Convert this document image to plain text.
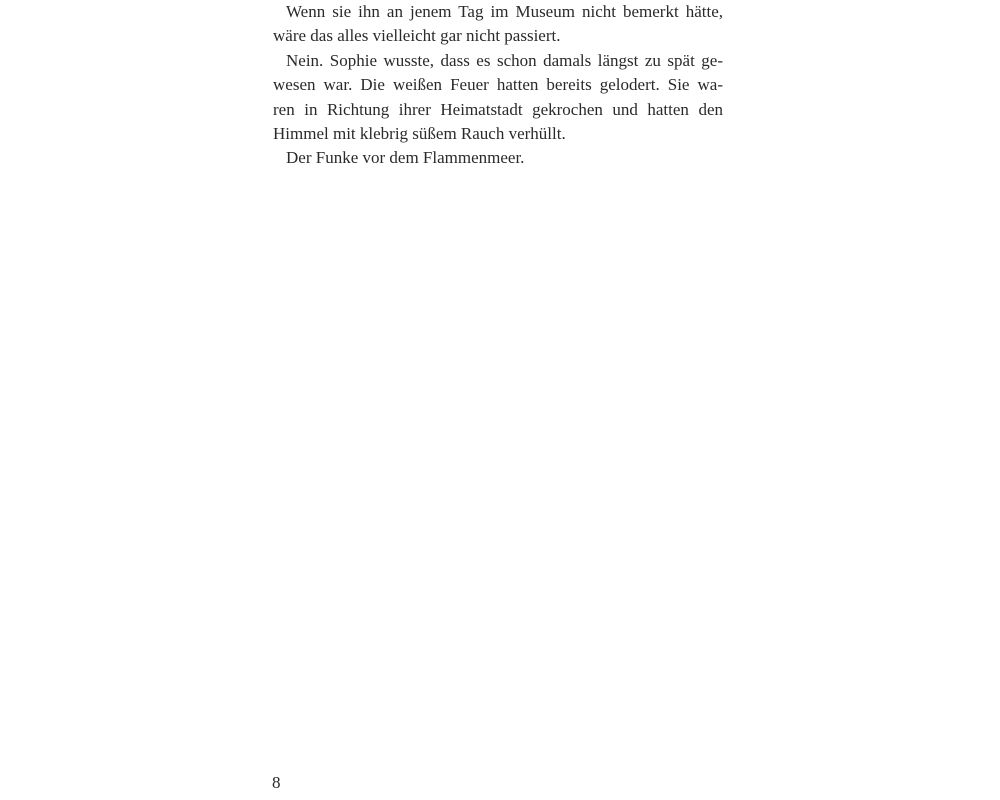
Wenn sie ihn an jenem Tag im Museum nicht bemerkt hätte,
wäre das alles vielleicht gar nicht passiert.
Nein. Sophie wusste, dass es schon damals längst zu spät ge-
wesen war. Die weißen Feuer hatten bereits gelodert. Sie wa-
ren in Richtung ihrer Heimatstadt gekrochen und hatten den
Himmel mit klebrig süßem Rauch verhüllt.
Der Funke vor dem Flammenmeer.
8
